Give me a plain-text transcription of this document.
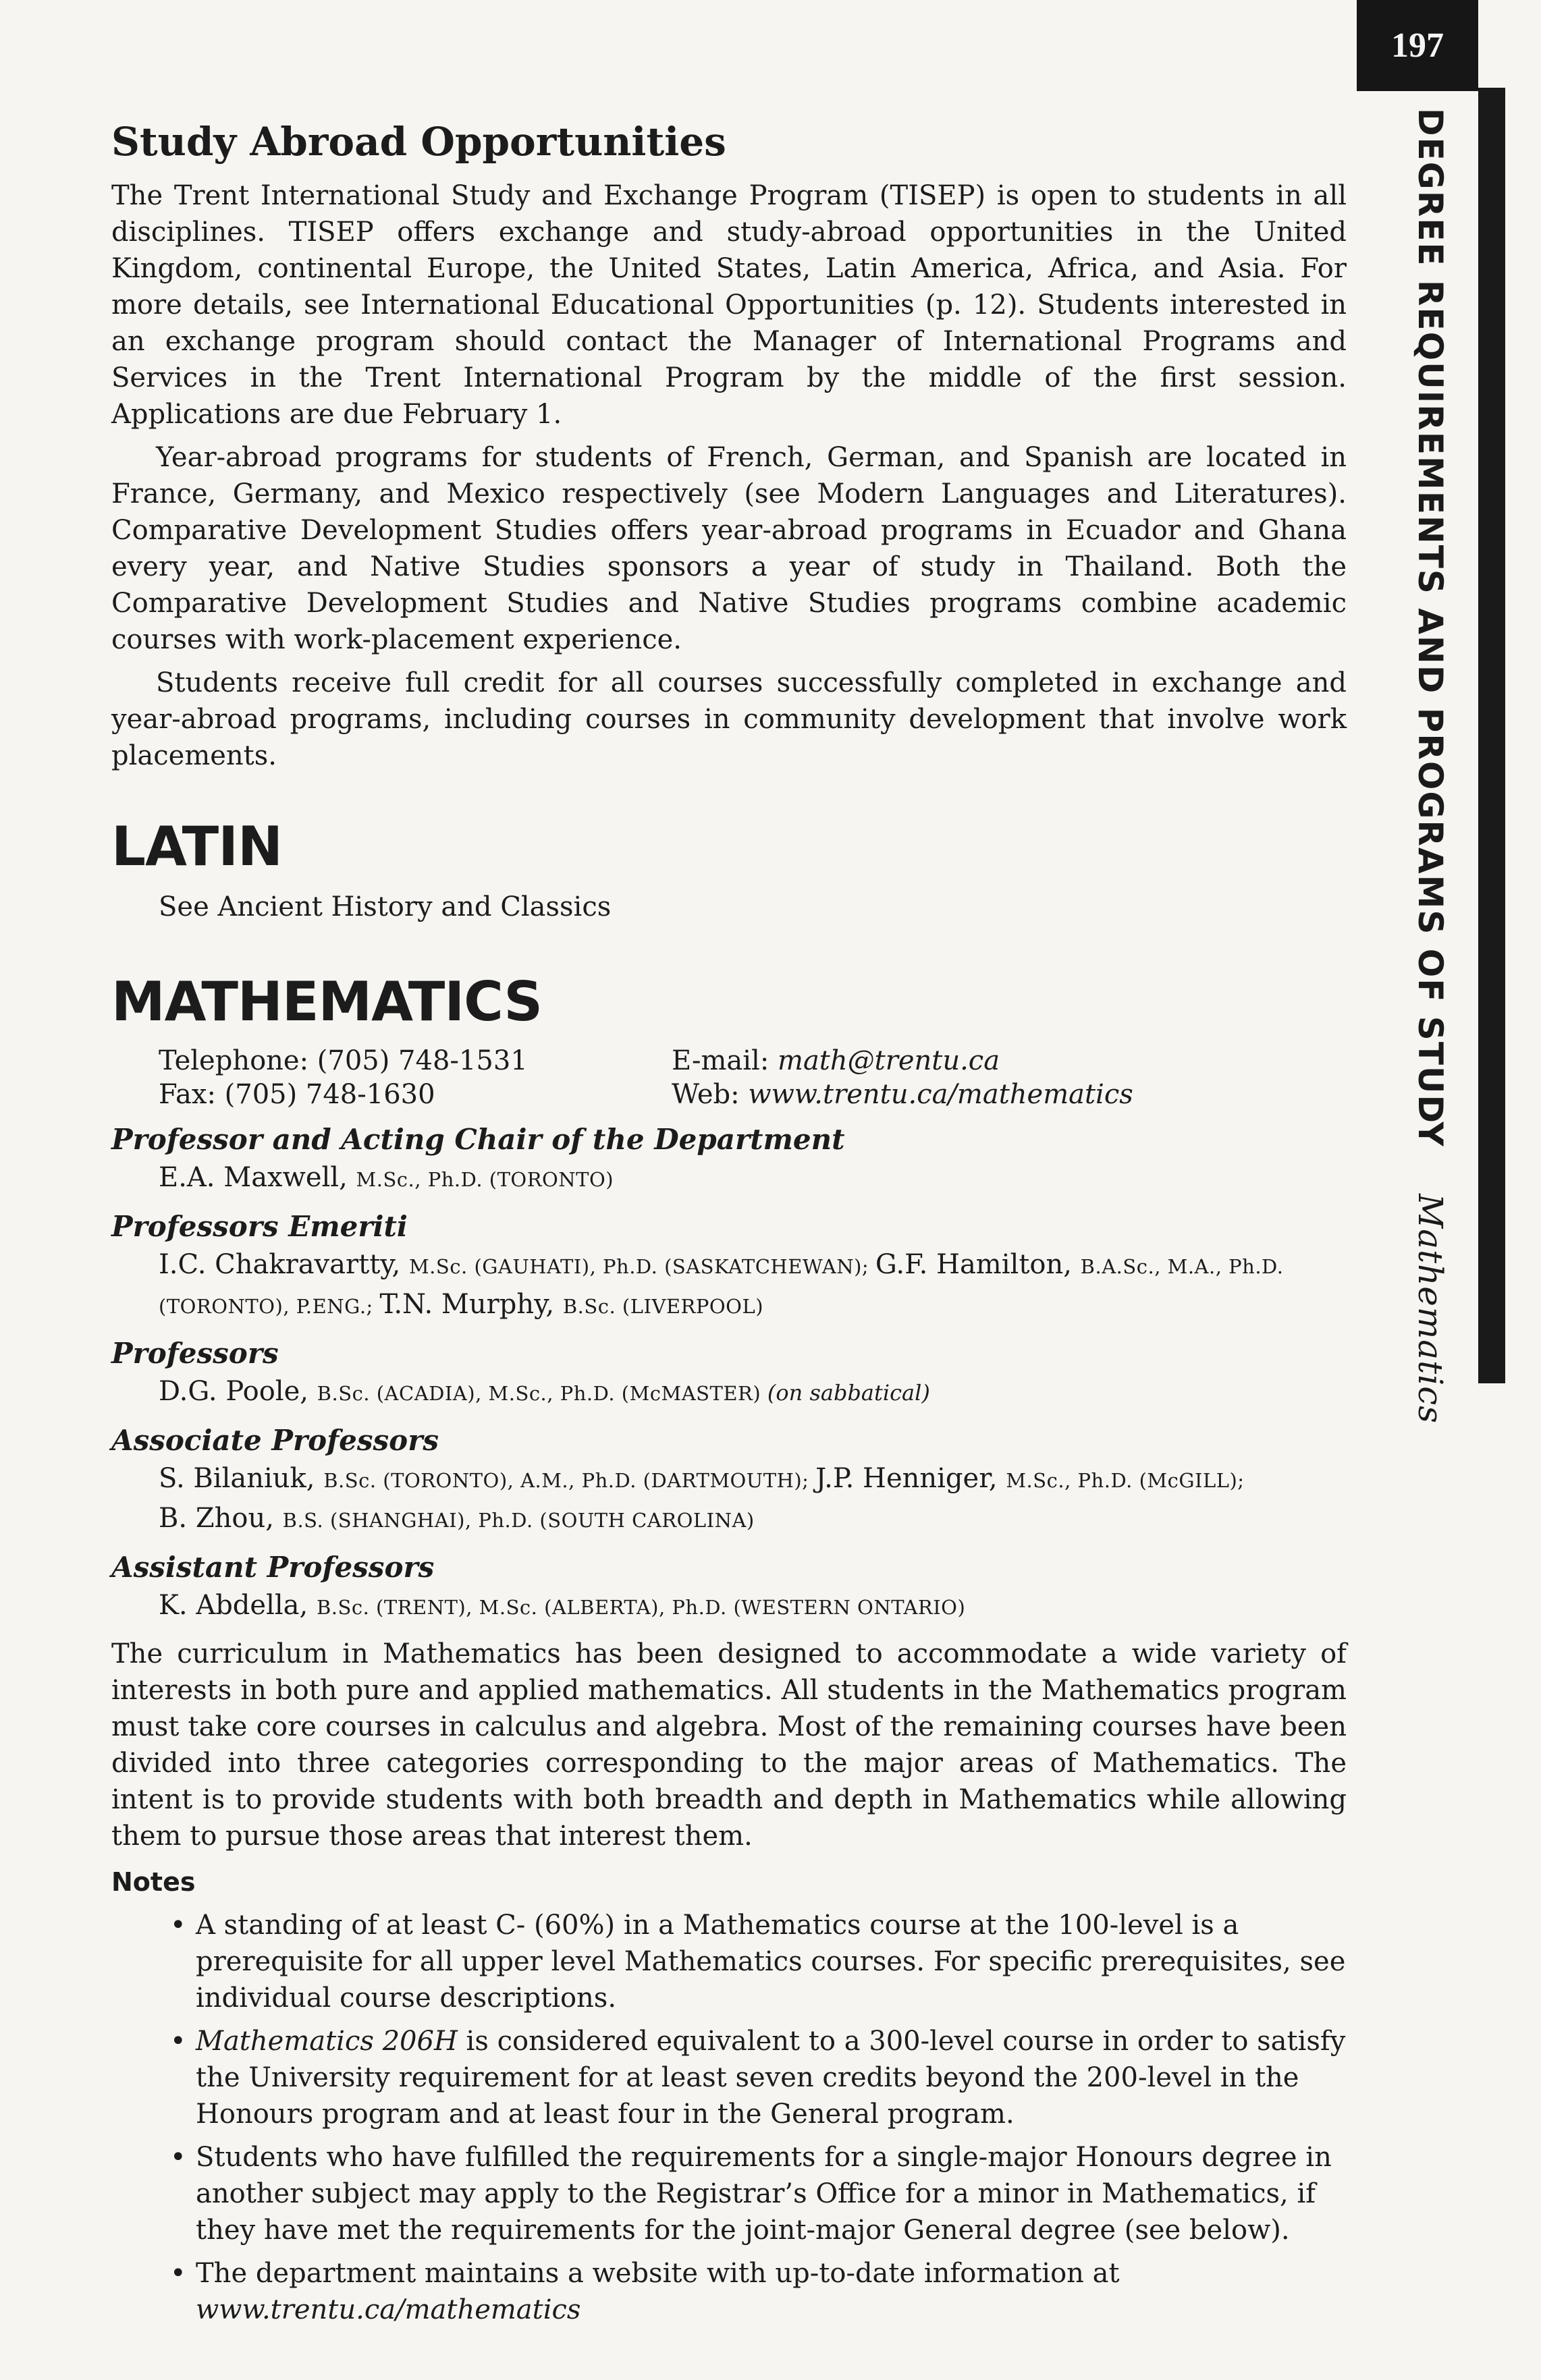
197
DEGREE REQUIREMENTS AND PROGRAMS OF STUDY Mathematics
Study Abroad Opportunities

The Trent International Study and Exchange Program (TISEP) is open to students in all disciplines. TISEP offers exchange and study-abroad opportunities in the United Kingdom, continental Europe, the United States, Latin America, Africa, and Asia. For more details, see International Educational Opportunities (p. 12). Students interested in an exchange program should contact the Manager of International Programs and Services in the Trent International Program by the middle of the first session. Applications are due February 1.

Year-abroad programs for students of French, German, and Spanish are located in France, Germany, and Mexico respectively (see Modern Languages and Literatures). Comparative Development Studies offers year-abroad programs in Ecuador and Ghana every year, and Native Studies sponsors a year of study in Thailand. Both the Comparative Development Studies and Native Studies programs combine academic courses with work-placement experience.

Students receive full credit for all courses successfully completed in exchange and year-abroad programs, including courses in community development that involve work placements.

LATIN
See Ancient History and Classics
MATHEMATICS
Telephone: (705) 748-1531	E-mail: math@trentu.ca
Fax: (705) 748-1630	Web: www.trentu.ca/mathematics
Professor and Acting Chair of the Department
E.A. Maxwell, M.Sc., Ph.D. (TORONTO)
Professors Emeriti
I.C. Chakravartty, M.Sc. (GAUHATI), Ph.D. (SASKATCHEWAN); G.F. Hamilton, B.A.Sc., M.A., Ph.D. (TORONTO), P.ENG.; T.N. Murphy, B.Sc. (LIVERPOOL)
Professors
D.G. Poole, B.Sc. (ACADIA), M.Sc., Ph.D. (McMASTER) (on sabbatical)
Associate Professors
S. Bilaniuk, B.Sc. (TORONTO), A.M., Ph.D. (DARTMOUTH); J.P. Henniger, M.Sc., Ph.D. (McGILL);
B. Zhou, B.S. (SHANGHAI), Ph.D. (SOUTH CAROLINA)
Assistant Professors
K. Abdella, B.Sc. (TRENT), M.Sc. (ALBERTA), Ph.D. (WESTERN ONTARIO)

The curriculum in Mathematics has been designed to accommodate a wide variety of interests in both pure and applied mathematics. All students in the Mathematics program must take core courses in calculus and algebra. Most of the remaining courses have been divided into three categories corresponding to the major areas of Mathematics. The intent is to provide students with both breadth and depth in Mathematics while allowing them to pursue those areas that interest them.

Notes
• A standing of at least C- (60%) in a Mathematics course at the 100-level is a prerequisite for all upper level Mathematics courses. For specific prerequisites, see individual course descriptions.
• Mathematics 206H is considered equivalent to a 300-level course in order to satisfy the University requirement for at least seven credits beyond the 200-level in the Honours program and at least four in the General program.
• Students who have fulfilled the requirements for a single-major Honours degree in another subject may apply to the Registrar’s Office for a minor in Mathematics, if they have met the requirements for the joint-major General degree (see below).
• The department maintains a website with up-to-date information at
www.trentu.ca/mathematics
